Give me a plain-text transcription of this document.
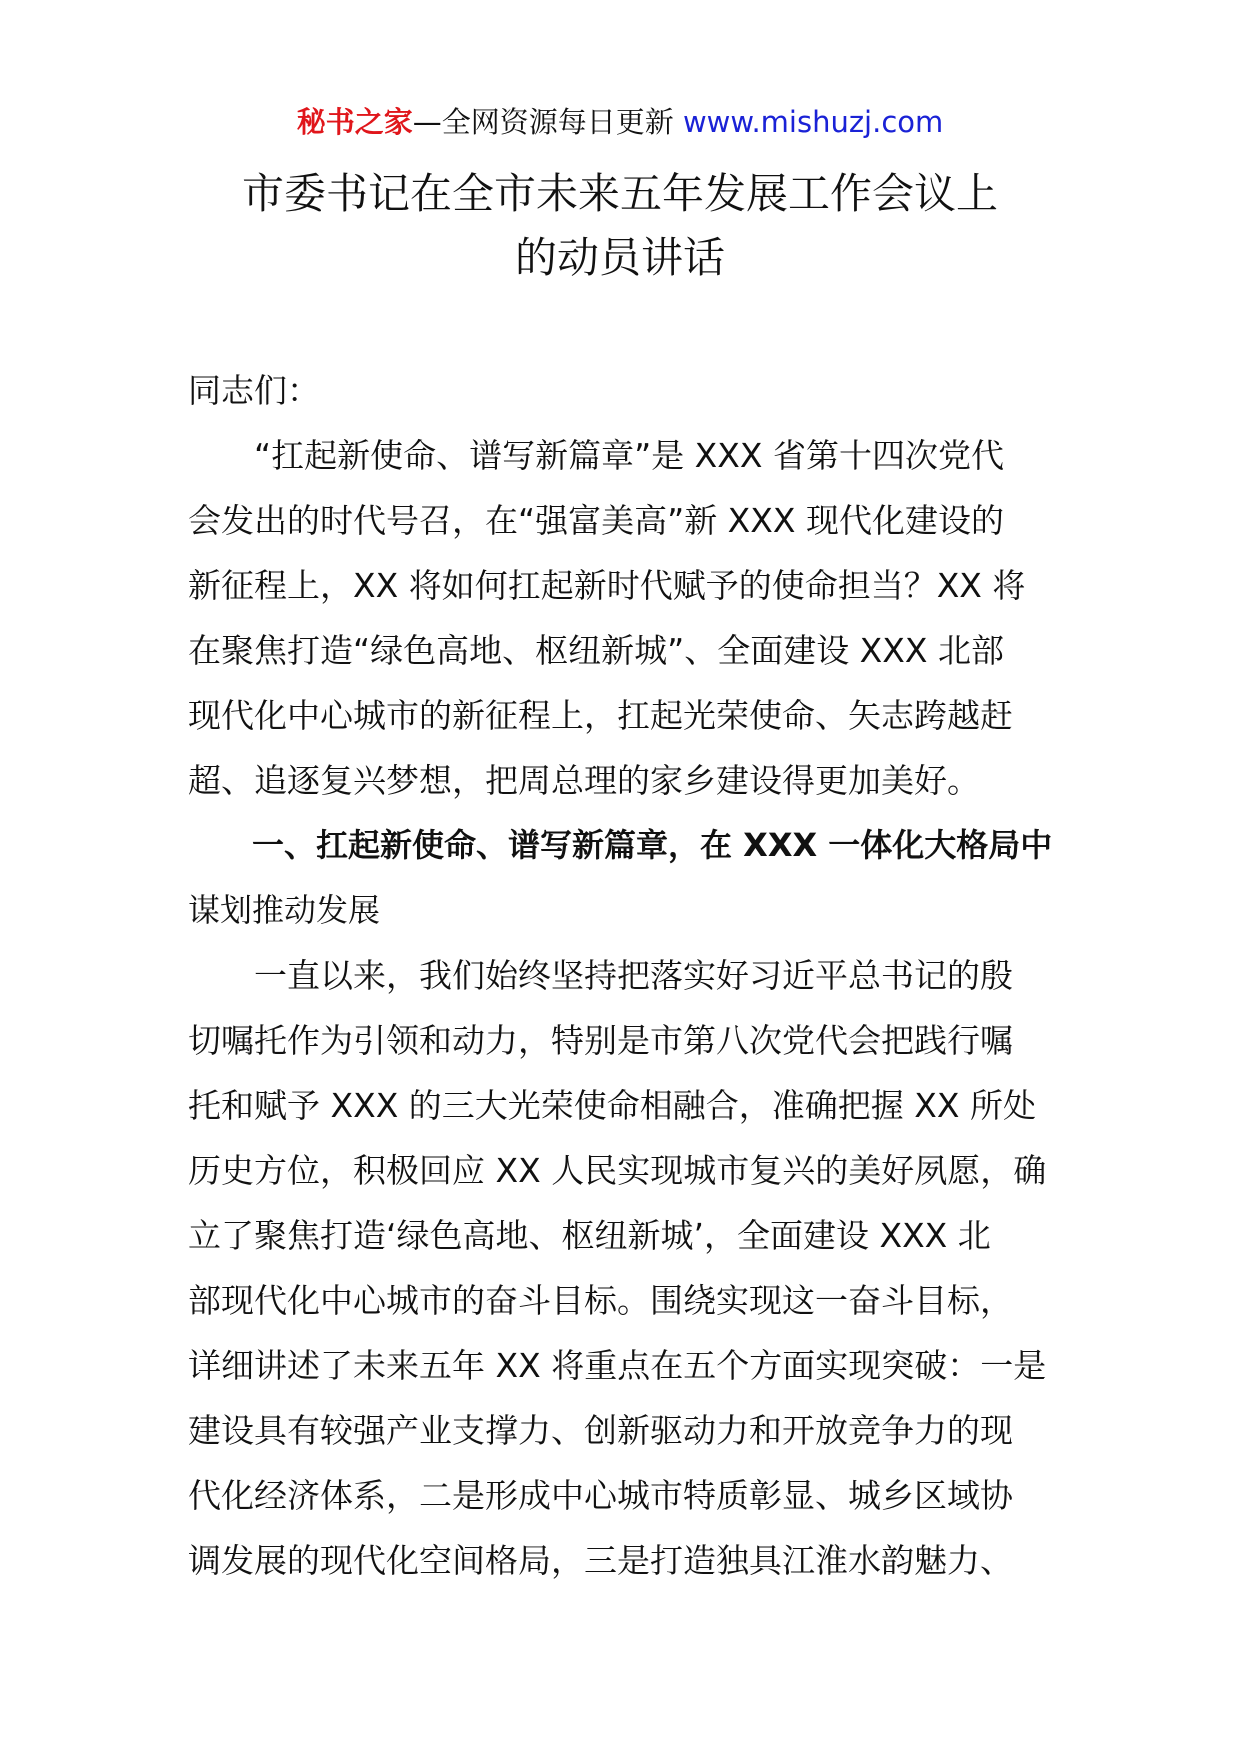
秘书之家—全网资源每日更新 www.mishuzj.com
市委书记在全市未来五年发展工作会议上
的动员讲话
同志们：
　　“扛起新使命、谱写新篇章”是 XXX 省第十四次党代
会发出的时代号召，在“强富美高”新 XXX 现代化建设的
新征程上，XX 将如何扛起新时代赋予的使命担当？XX 将
在聚焦打造“绿色高地、枢纽新城”、全面建设 XXX 北部
现代化中心城市的新征程上，扛起光荣使命、矢志跨越赶
超、追逐复兴梦想，把周总理的家乡建设得更加美好。
　　一、扛起新使命、谱写新篇章，在 XXX 一体化大格局中
谋划推动发展
　　一直以来，我们始终坚持把落实好习近平总书记的殷
切嘱托作为引领和动力，特别是市第八次党代会把践行嘱
托和赋予 XXX 的三大光荣使命相融合，准确把握 XX 所处
历史方位，积极回应 XX 人民实现城市复兴的美好夙愿，确
立了聚焦打造‘绿色高地、枢纽新城’，全面建设 XXX 北
部现代化中心城市的奋斗目标。围绕实现这一奋斗目标，
详细讲述了未来五年 XX 将重点在五个方面实现突破：一是
建设具有较强产业支撑力、创新驱动力和开放竞争力的现
代化经济体系，二是形成中心城市特质彰显、城乡区域协
调发展的现代化空间格局，三是打造独具江淮水韵魅力、
